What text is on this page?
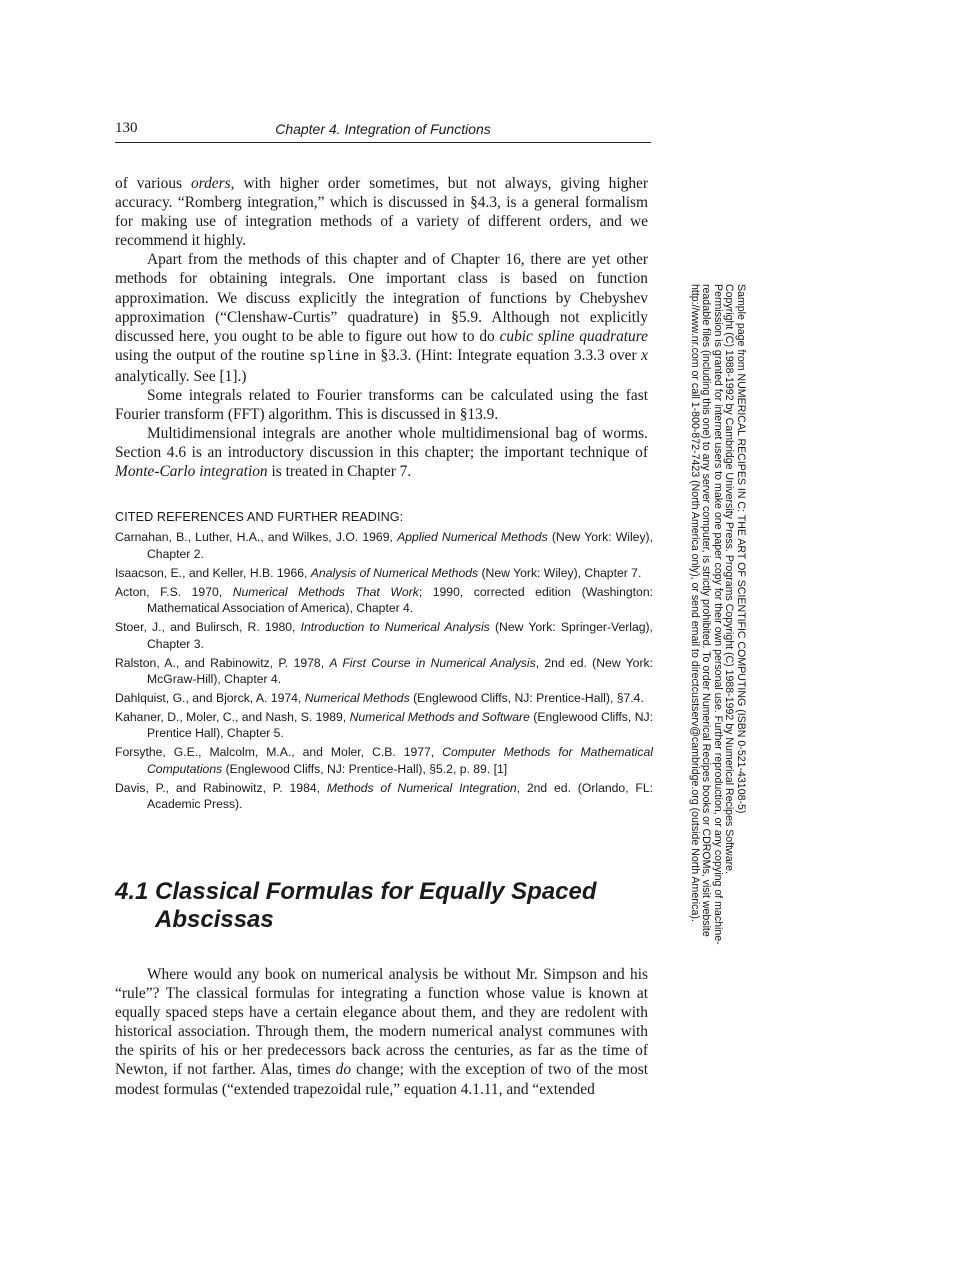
130	Chapter 4. Integration of Functions

of various orders, with higher order sometimes, but not always, giving higher accuracy. “Romberg integration,” which is discussed in §4.3, is a general formalism for making use of integration methods of a variety of different orders, and we recommend it highly.

Apart from the methods of this chapter and of Chapter 16, there are yet other methods for obtaining integrals. One important class is based on function approximation. We discuss explicitly the integration of functions by Chebyshev approximation (“Clenshaw-Curtis” quadrature) in §5.9. Although not explicitly discussed here, you ought to be able to figure out how to do cubic spline quadrature using the output of the routine spline in §3.3. (Hint: Integrate equation 3.3.3 over x analytically. See [1].)

Some integrals related to Fourier transforms can be calculated using the fast Fourier transform (FFT) algorithm. This is discussed in §13.9.

Multidimensional integrals are another whole multidimensional bag of worms. Section 4.6 is an introductory discussion in this chapter; the important technique of Monte-Carlo integration is treated in Chapter 7.

CITED REFERENCES AND FURTHER READING:

Carnahan, B., Luther, H.A., and Wilkes, J.O. 1969, Applied Numerical Methods (New York: Wiley), Chapter 2.

Isaacson, E., and Keller, H.B. 1966, Analysis of Numerical Methods (New York: Wiley), Chapter 7.

Acton, F.S. 1970, Numerical Methods That Work; 1990, corrected edition (Washington: Mathematical Association of America), Chapter 4.

Stoer, J., and Bulirsch, R. 1980, Introduction to Numerical Analysis (New York: Springer-Verlag), Chapter 3.

Ralston, A., and Rabinowitz, P. 1978, A First Course in Numerical Analysis, 2nd ed. (New York: McGraw-Hill), Chapter 4.

Dahlquist, G., and Bjorck, A. 1974, Numerical Methods (Englewood Cliffs, NJ: Prentice-Hall), §7.4.

Kahaner, D., Moler, C., and Nash, S. 1989, Numerical Methods and Software (Englewood Cliffs, NJ: Prentice Hall), Chapter 5.

Forsythe, G.E., Malcolm, M.A., and Moler, C.B. 1977, Computer Methods for Mathematical Computations (Englewood Cliffs, NJ: Prentice-Hall), §5.2, p. 89. [1]

Davis, P., and Rabinowitz, P. 1984, Methods of Numerical Integration, 2nd ed. (Orlando, FL: Academic Press).

4.1 Classical Formulas for Equally Spaced
Abscissas

Where would any book on numerical analysis be without Mr. Simpson and his “rule”? The classical formulas for integrating a function whose value is known at equally spaced steps have a certain elegance about them, and they are redolent with historical association. Through them, the modern numerical analyst communes with the spirits of his or her predecessors back across the centuries, as far as the time of Newton, if not farther. Alas, times do change; with the exception of two of the most modest formulas (“extended trapezoidal rule,” equation 4.1.11, and “extended

Sample page from NUMERICAL RECIPES IN C: THE ART OF SCIENTIFIC COMPUTING (ISBN 0-521-43108-5)
Copyright (C) 1988-1992 by Cambridge University Press. Programs Copyright (C) 1988-1992 by Numerical Recipes Software.
Permission is granted for internet users to make one paper copy for their own personal use. Further reproduction, or any copying of machine-
readable files (including this one) to any server computer, is strictly prohibited. To order Numerical Recipes books or CDROMs, visit website
http://www.nr.com or call 1-800-872-7423 (North America only), or send email to directcustserv@cambridge.org (outside North America).
